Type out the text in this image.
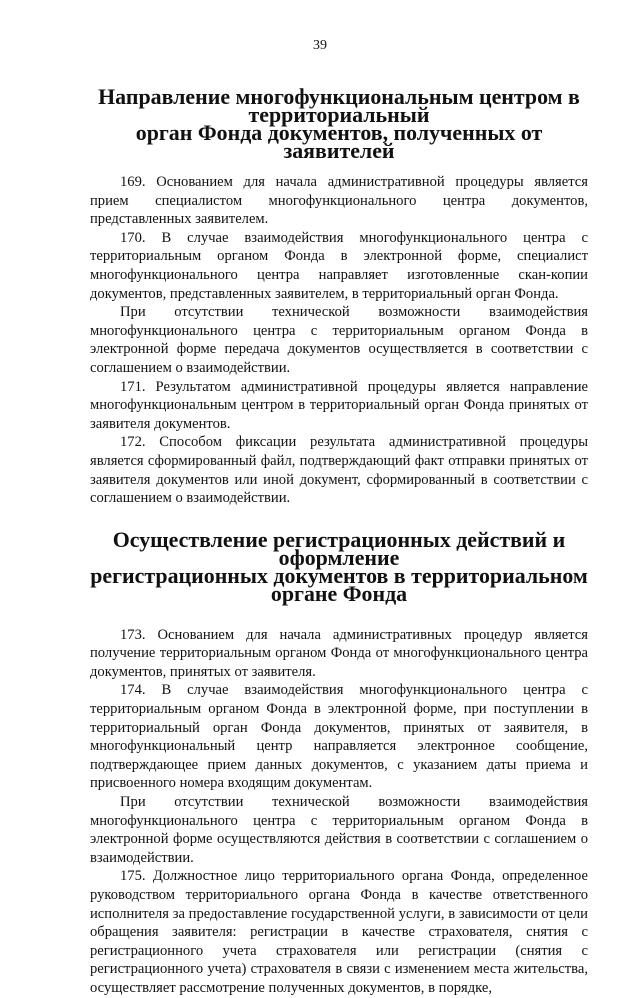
39
Направление многофункциональным центром в территориальный
орган Фонда документов, полученных от заявителей

169. Основанием для начала административной процедуры является прием специалистом многофункционального центра документов, представленных заявителем.

170. В случае взаимодействия многофункционального центра с территориальным органом Фонда в электронной форме, специалист многофункционального центра направляет изготовленные скан-копии документов, представленных заявителем, в территориальный орган Фонда.

При отсутствии технической возможности взаимодействия многофункционального центра с территориальным органом Фонда в электронной форме передача документов осуществляется в соответствии с соглашением о взаимодействии.

171. Результатом административной процедуры является направление многофункциональным центром в территориальный орган Фонда принятых от заявителя документов.

172. Способом фиксации результата административной процедуры является сформированный файл, подтверждающий факт отправки принятых от заявителя документов или иной документ, сформированный в соответствии с соглашением о взаимодействии.

Осуществление регистрационных действий и оформление
регистрационных документов в территориальном органе Фонда

173. Основанием для начала административных процедур является получение территориальным органом Фонда от многофункционального центра документов, принятых от заявителя.

174. В случае взаимодействия многофункционального центра с территориальным органом Фонда в электронной форме, при поступлении в территориальный орган Фонда документов, принятых от заявителя, в многофункциональный центр направляется электронное сообщение, подтверждающее прием данных документов, с указанием даты приема и присвоенного номера входящим документам.

При отсутствии технической возможности взаимодействия многофункционального центра с территориальным органом Фонда в электронной форме осуществляются действия в соответствии с соглашением о взаимодействии.

175. Должностное лицо территориального органа Фонда, определенное руководством территориального органа Фонда в качестве ответственного исполнителя за предоставление государственной услуги, в зависимости от цели обращения заявителя: регистрации в качестве страхователя, снятия с регистрационного учета страхователя или регистрации (снятия с регистрационного учета) страхователя в связи с изменением места жительства, осуществляет рассмотрение полученных документов, в порядке,
